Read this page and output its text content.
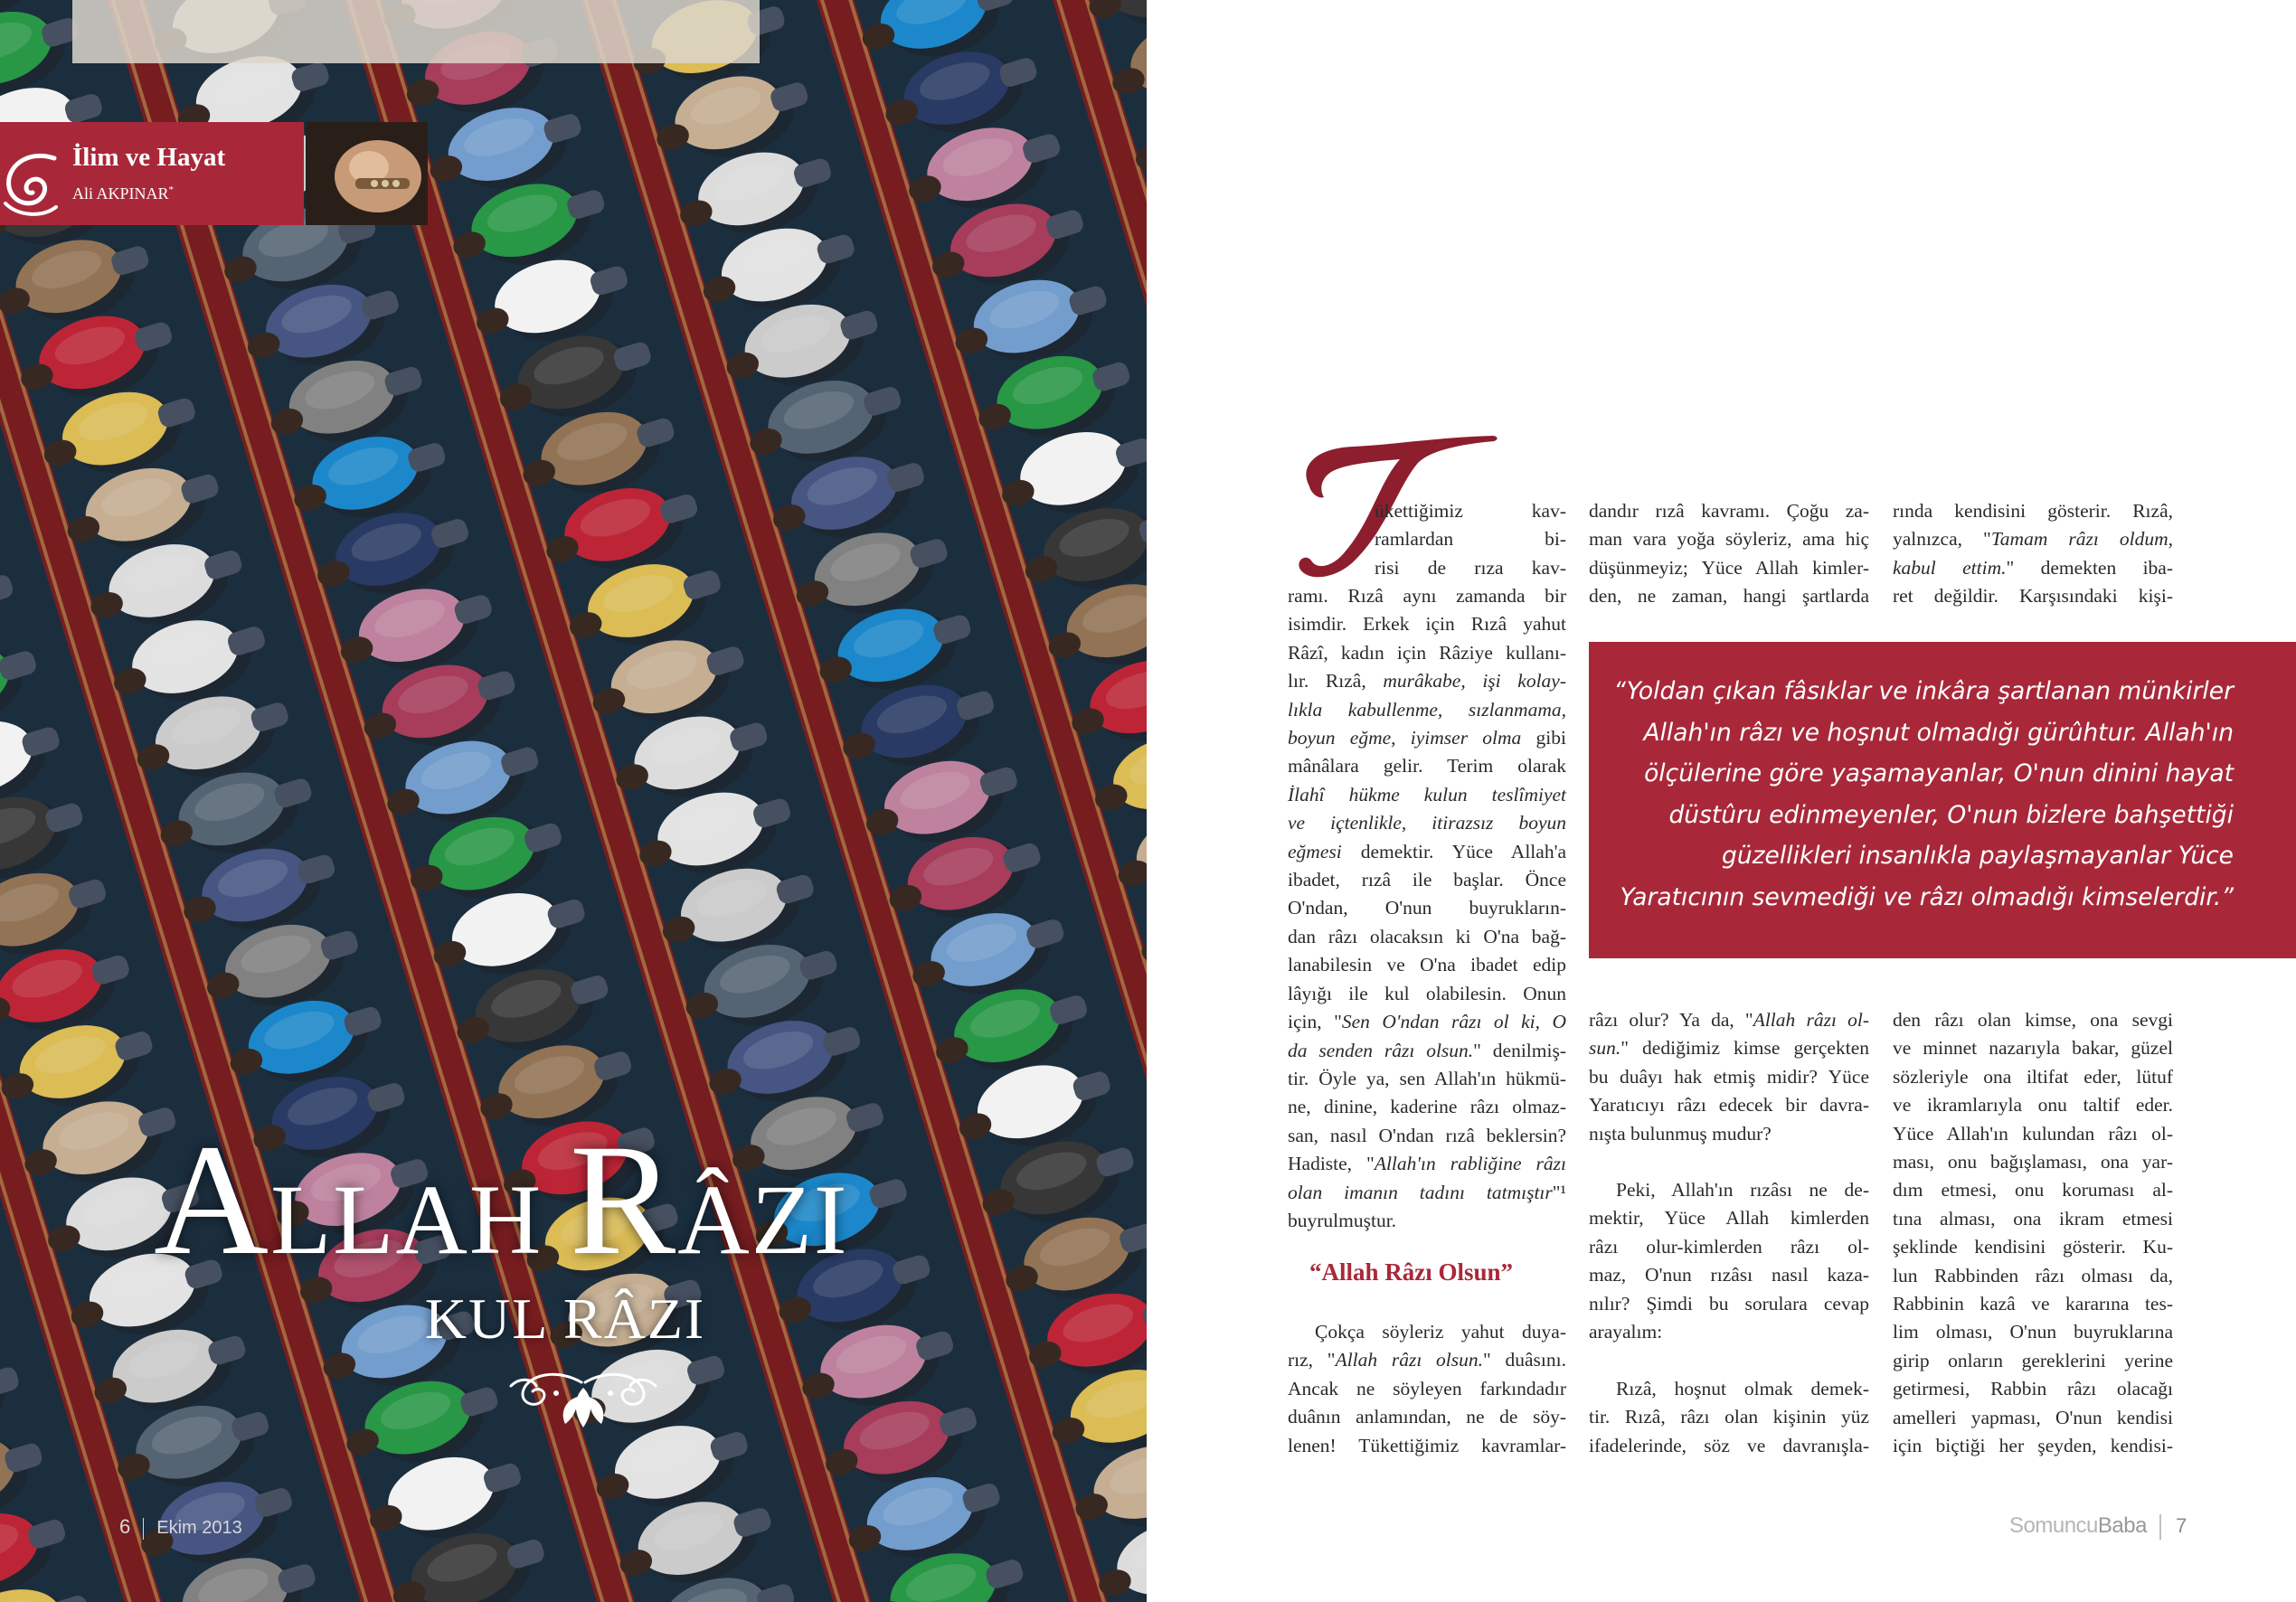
İlim ve Hayat
Ali AKPINAR*
ALLAH RÂZI
KUL RÂZI
6 Ekim 2013
ükettiğimiz kav-
ramlardan bi-
risi de rıza kav-
ramı. Rızâ aynı zamanda bir
isimdir. Erkek için Rızâ yahut
Râzî, kadın için Râziye kullanı-
lır. Rızâ, murâkabe, işi kolay-
lıkla kabullenme, sızlanmama,
boyun eğme, iyimser olma gibi
mânâlara gelir. Terim olarak
İlahî hükme kulun teslîmiyet
ve içtenlikle, itirazsız boyun
eğmesi demektir. Yüce Allah'a
ibadet, rızâ ile başlar. Önce
O'ndan, O'nun buyrukların-
dan râzı olacaksın ki O'na bağ-
lanabilesin ve O'na ibadet edip
lâyığı ile kul olabilesin. Onun
için, "Sen O'ndan râzı ol ki, O
da senden râzı olsun." denilmiş-
tir. Öyle ya, sen Allah'ın hükmü-
ne, dinine, kaderine râzı olmaz-
san, nasıl O'ndan rızâ beklersin?
Hadiste, "Allah'ın rabliğine râzı
olan imanın tadını tatmıştır"¹
buyrulmuştur.
“Allah Râzı Olsun”
Çokça söyleriz yahut duya-
rız, "Allah râzı olsun." duâsını.
Ancak ne söyleyen farkındadır
duânın anlamından, ne de söy-
lenen! Tükettiğimiz kavramlar-
dandır rızâ kavramı. Çoğu za-
man vara yoğa söyleriz, ama hiç
düşünmeyiz; Yüce Allah kimler-
den, ne zaman, hangi şartlarda
rında kendisini gösterir. Rızâ,
yalnızca, "Tamam râzı oldum,
kabul ettim." demekten iba-
ret değildir. Karşısındaki kişi-
“Yoldan çıkan fâsıklar ve inkâra şartlanan münkirler
Allah'ın râzı ve hoşnut olmadığı gürûhtur. Allah'ın
ölçülerine göre yaşamayanlar, O'nun dinini hayat
düstûru edinmeyenler, O'nun bizlere bahşettiği
güzellikleri insanlıkla paylaşmayanlar Yüce
Yaratıcının sevmediği ve râzı olmadığı kimselerdir.”
râzı olur? Ya da, "Allah râzı ol-
sun." dediğimiz kimse gerçekten
bu duâyı hak etmiş midir? Yüce
Yaratıcıyı râzı edecek bir davra-
nışta bulunmuş mudur?
Peki, Allah'ın rızâsı ne de-
mektir, Yüce Allah kimlerden
râzı olur-kimlerden râzı ol-
maz, O'nun rızâsı nasıl kaza-
nılır? Şimdi bu sorulara cevap
arayalım:
Rızâ, hoşnut olmak demek-
tir. Rızâ, râzı olan kişinin yüz
ifadelerinde, söz ve davranışla-
den râzı olan kimse, ona sevgi
ve minnet nazarıyla bakar, güzel
sözleriyle ona iltifat eder, lütuf
ve ikramlarıyla onu taltif eder.
Yüce Allah'ın kulundan râzı ol-
ması, onu bağışlaması, ona yar-
dım etmesi, onu koruması al-
tına alması, ona ikram etmesi
şeklinde kendisini gösterir. Ku-
lun Rabbinden râzı olması da,
Rabbinin kazâ ve kararına tes-
lim olması, O'nun buyruklarına
girip onların gereklerini yerine
getirmesi, Rabbin râzı olacağı
amelleri yapması, O'nun kendisi
için biçtiği her şeyden, kendisi-
SomuncuBaba 7
